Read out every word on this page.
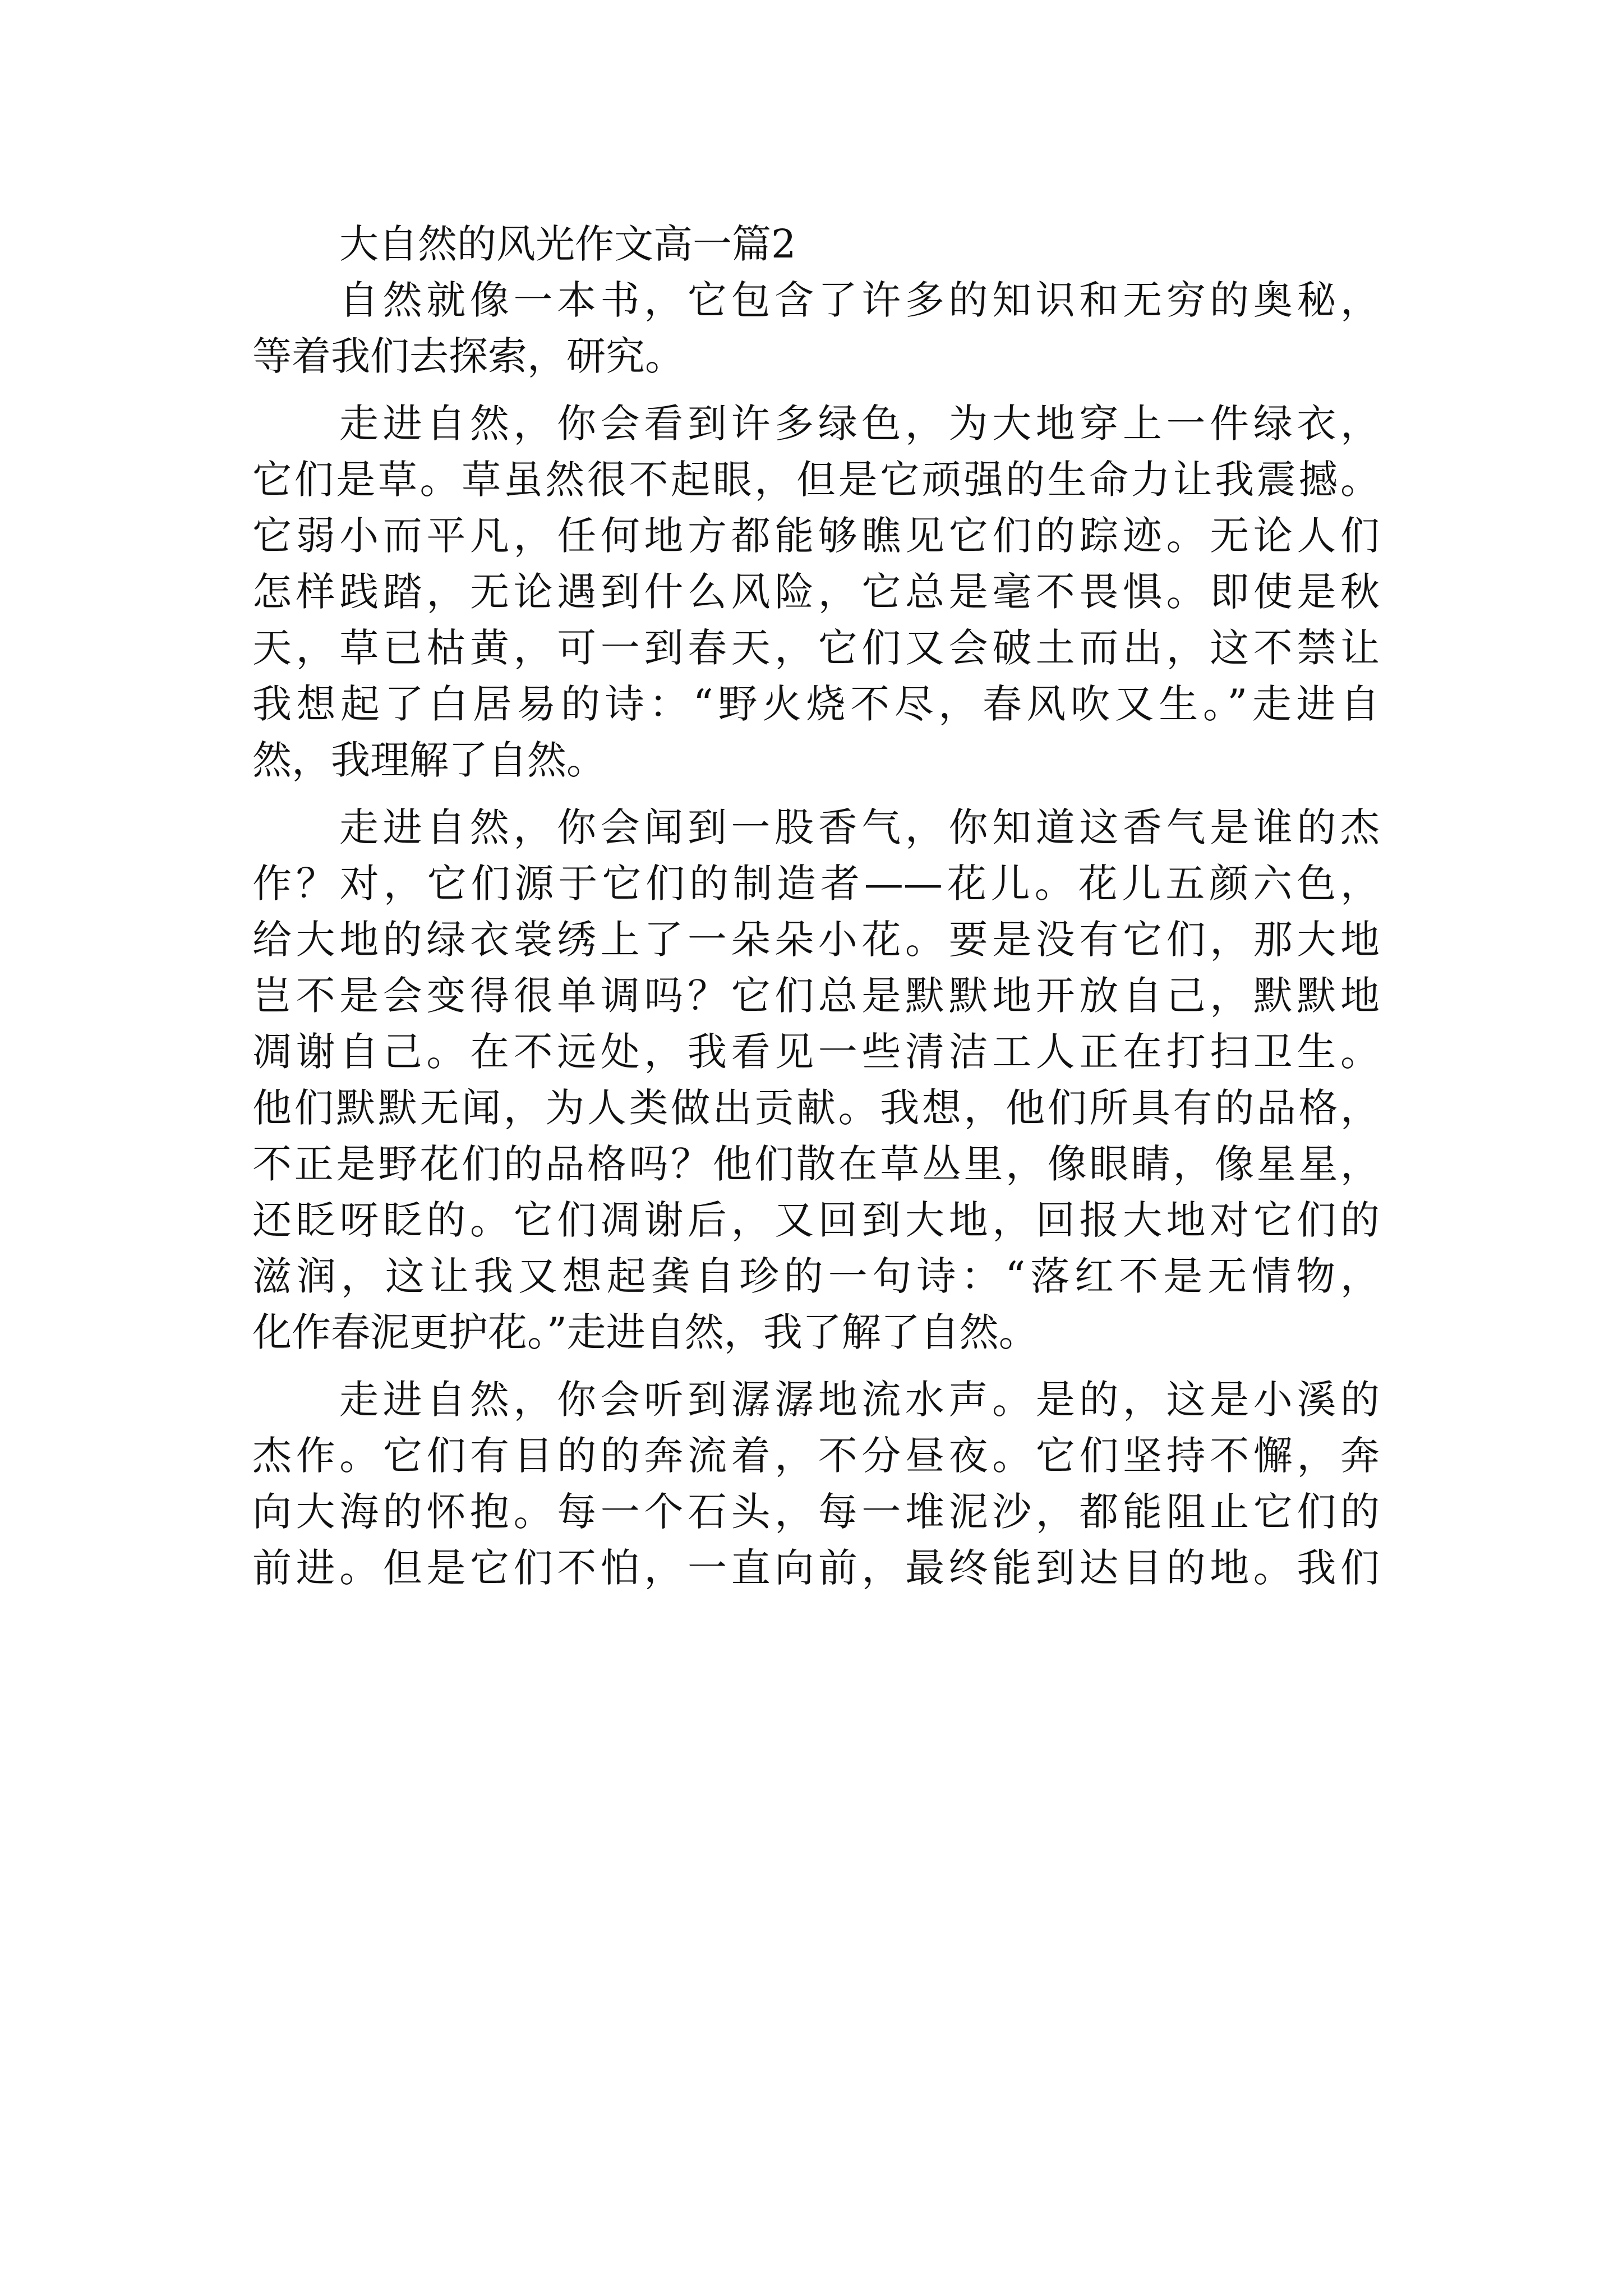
大自然的风光作文高一篇2
自然就像一本书，它包含了许多的知识和无穷的奥秘，
等着我们去探索，研究。
走进自然，你会看到许多绿色，为大地穿上一件绿衣，
它们是草。草虽然很不起眼，但是它顽强的生命力让我震撼。
它弱小而平凡，任何地方都能够瞧见它们的踪迹。无论人们
怎样践踏，无论遇到什么风险，它总是毫不畏惧。即使是秋
天，草已枯黄，可一到春天，它们又会破土而出，这不禁让
我想起了白居易的诗：“野火烧不尽，春风吹又生。”走进自
然，我理解了自然。
走进自然，你会闻到一股香气，你知道这香气是谁的杰
作？对，它们源于它们的制造者——花儿。花儿五颜六色，
给大地的绿衣裳绣上了一朵朵小花。要是没有它们，那大地
岂不是会变得很单调吗？它们总是默默地开放自己，默默地
凋谢自己。在不远处，我看见一些清洁工人正在打扫卫生。
他们默默无闻，为人类做出贡献。我想，他们所具有的品格，
不正是野花们的品格吗？他们散在草丛里，像眼睛，像星星，
还眨呀眨的。它们凋谢后，又回到大地，回报大地对它们的
滋润，这让我又想起龚自珍的一句诗：“落红不是无情物，
化作春泥更护花。”走进自然，我了解了自然。
走进自然，你会听到潺潺地流水声。是的，这是小溪的
杰作。它们有目的的奔流着，不分昼夜。它们坚持不懈，奔
向大海的怀抱。每一个石头，每一堆泥沙，都能阻止它们的
前进。但是它们不怕，一直向前，最终能到达目的地。我们
